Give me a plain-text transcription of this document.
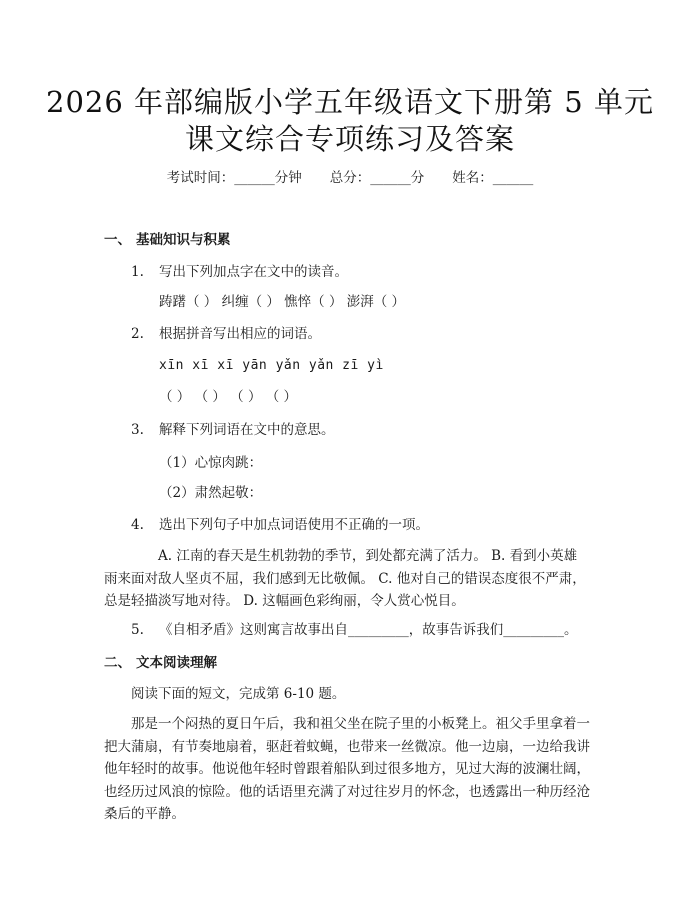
2026 年部编版小学五年级语文下册第 5 单元
课文综合专项练习及答案
考试时间：______分钟 总分：______分 姓名：______
一、 基础知识与积累
1. 写出下列加点字在文中的读音。
踌躇（ ） 纠缠（ ） 憔悴（ ） 澎湃（ ）
2. 根据拼音写出相应的词语。
xīn xī xī yān yǎn yǎn zī yì
（ ） （ ） （ ） （ ）
3. 解释下列词语在文中的意思。
（1）心惊肉跳：
（2）肃然起敬：
4. 选出下列句子中加点词语使用不正确的一项。
A. 江南的春天是生机勃勃的季节，到处都充满了活力。 B. 看到小英雄
雨来面对敌人坚贞不屈，我们感到无比敬佩。 C. 他对自己的错误态度很不严肃，
总是轻描淡写地对待。 D. 这幅画色彩绚丽，令人赏心悦目。
5. 《自相矛盾》这则寓言故事出自_________，故事告诉我们_________。
二、 文本阅读理解
阅读下面的短文，完成第 6-10 题。
那是一个闷热的夏日午后，我和祖父坐在院子里的小板凳上。祖父手里拿着一
把大蒲扇，有节奏地扇着，驱赶着蚊蝇，也带来一丝微凉。他一边扇，一边给我讲
他年轻时的故事。他说他年轻时曾跟着船队到过很多地方，见过大海的波澜壮阔，
也经历过风浪的惊险。他的话语里充满了对过往岁月的怀念，也透露出一种历经沧
桑后的平静。
